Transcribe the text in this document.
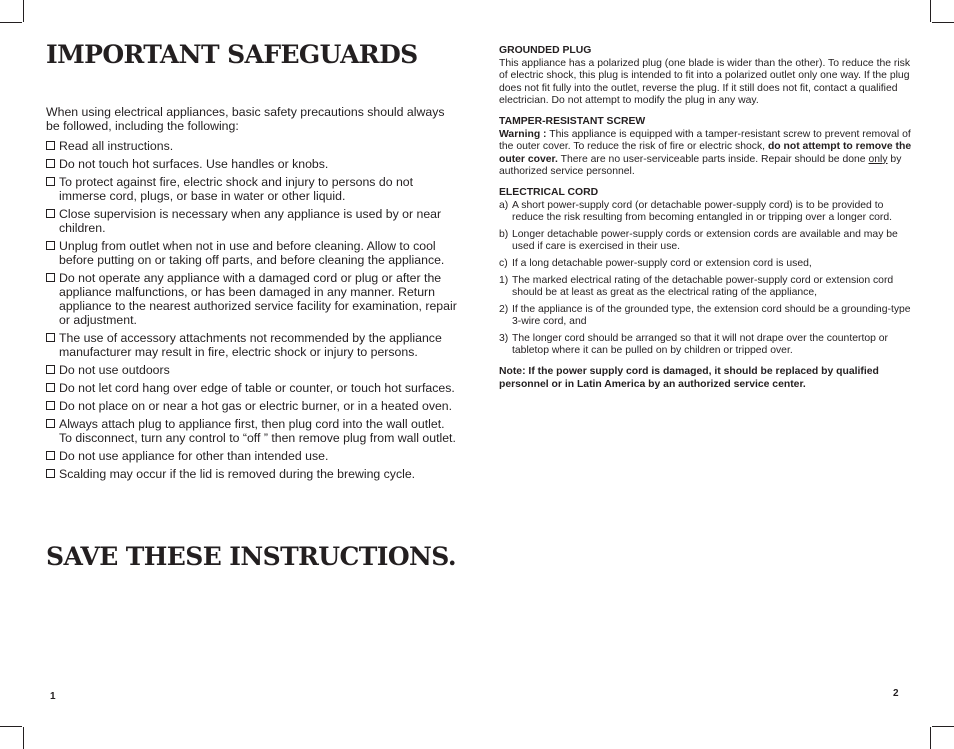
IMPORTANT SAFEGUARDS

When using electrical appliances, basic safety precautions should always be followed, including the following:

Read all instructions.
Do not touch hot surfaces. Use handles or knobs.
To protect against fire, electric shock and injury to persons do not immerse cord, plugs, or base in water or other liquid.
Close supervision is necessary when any appliance is used by or near children.
Unplug from outlet when not in use and before cleaning. Allow to cool before putting on or taking off parts, and before cleaning the appliance.
Do not operate any appliance with a damaged cord or plug or after the appliance malfunctions, or has been damaged in any manner. Return appliance to the nearest authorized service facility for examination, repair or adjustment.
The use of accessory attachments not recommended by the appliance manufacturer may result in fire, electric shock or injury to persons.
Do not use outdoors
Do not let cord hang over edge of table or counter, or touch hot surfaces.
Do not place on or near a hot gas or electric burner, or in a heated oven.
Always attach plug to appliance first, then plug cord into the wall outlet. To disconnect, turn any control to “off ” then remove plug from wall outlet.
Do not use appliance for other than intended use.
Scalding may occur if the lid is removed during the brewing cycle.
SAVE THESE INSTRUCTIONS.
1

GROUNDED PLUG

This appliance has a polarized plug (one blade is wider than the other). To reduce the risk of electric shock, this plug is intended to fit into a polarized outlet only one way. If the plug does not fit fully into the outlet, reverse the plug. If it still does not fit, contact a qualified electrician. Do not attempt to modify the plug in any way.

TAMPER-RESISTANT SCREW

Warning : This appliance is equipped with a tamper-resistant screw to prevent removal of the outer cover. To reduce the risk of fire or electric shock, do not attempt to remove the outer cover. There are no user-serviceable parts inside. Repair should be done only by authorized service personnel.

ELECTRICAL CORD

a) A short power-supply cord (or detachable power-supply cord) is to be provided to reduce the risk resulting from becoming entangled in or tripping over a longer cord.
b) Longer detachable power-supply cords or extension cords are available and may be used if care is exercised in their use.
c) If a long detachable power-supply cord or extension cord is used,
1) The marked electrical rating of the detachable power-supply cord or extension cord should be at least as great as the electrical rating of the appliance,
2) If the appliance is of the grounded type, the extension cord should be a grounding-type 3-wire cord, and
3) The longer cord should be arranged so that it will not drape over the countertop or tabletop where it can be pulled on by children or tripped over.

Note: If the power supply cord is damaged, it should be replaced by qualified personnel or in Latin America by an authorized service center.

2
